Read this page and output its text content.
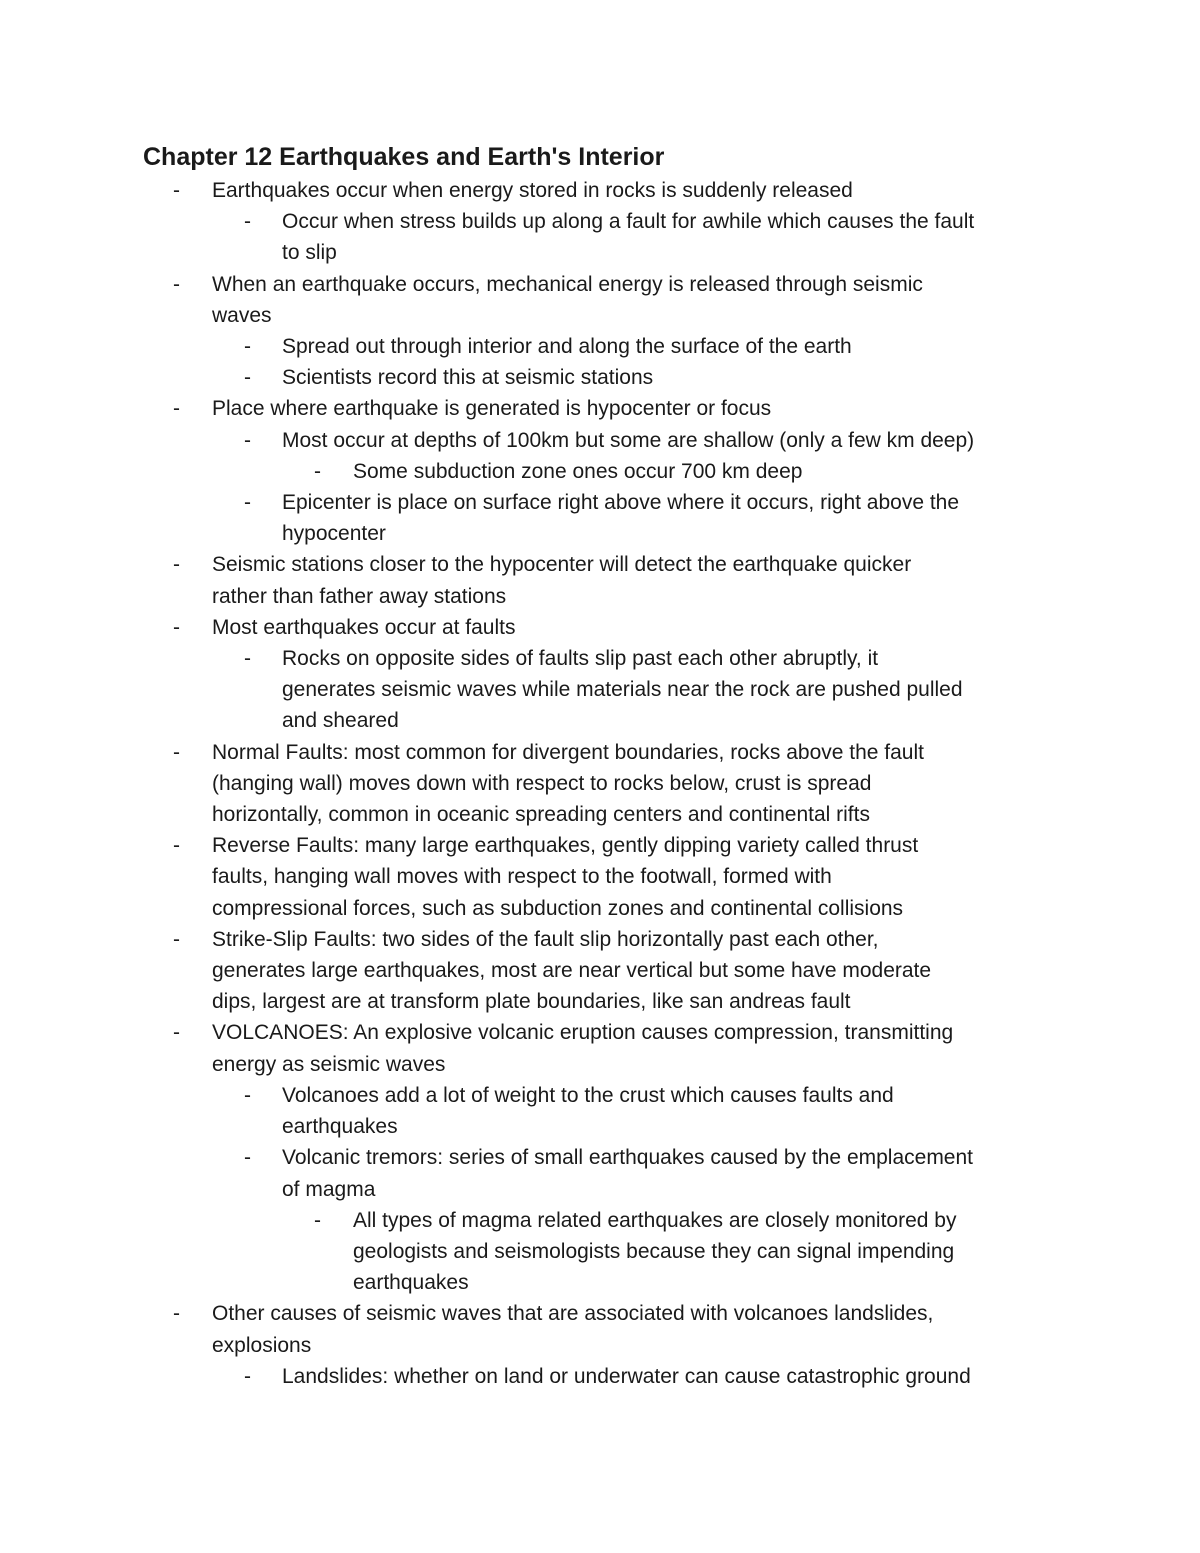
Chapter 12 Earthquakes and Earth's Interior
- Earthquakes occur when energy stored in rocks is suddenly released
- Occur when stress builds up along a fault for awhile which causes the fault
to slip
- When an earthquake occurs, mechanical energy is released through seismic
waves
- Spread out through interior and along the surface of the earth
- Scientists record this at seismic stations
- Place where earthquake is generated is hypocenter or focus
- Most occur at depths of 100km but some are shallow (only a few km deep)
- Some subduction zone ones occur 700 km deep
- Epicenter is place on surface right above where it occurs, right above the
hypocenter
- Seismic stations closer to the hypocenter will detect the earthquake quicker
rather than father away stations
- Most earthquakes occur at faults
- Rocks on opposite sides of faults slip past each other abruptly, it
generates seismic waves while materials near the rock are pushed pulled
and sheared
- Normal Faults: most common for divergent boundaries, rocks above the fault
(hanging wall) moves down with respect to rocks below, crust is spread
horizontally, common in oceanic spreading centers and continental rifts
- Reverse Faults: many large earthquakes, gently dipping variety called thrust
faults, hanging wall moves with respect to the footwall, formed with
compressional forces, such as subduction zones and continental collisions
- Strike-Slip Faults: two sides of the fault slip horizontally past each other,
generates large earthquakes, most are near vertical but some have moderate
dips, largest are at transform plate boundaries, like san andreas fault
- VOLCANOES: An explosive volcanic eruption causes compression, transmitting
energy as seismic waves
- Volcanoes add a lot of weight to the crust which causes faults and
earthquakes
- Volcanic tremors: series of small earthquakes caused by the emplacement
of magma
- All types of magma related earthquakes are closely monitored by
geologists and seismologists because they can signal impending
earthquakes
- Other causes of seismic waves that are associated with volcanoes landslides,
explosions
- Landslides: whether on land or underwater can cause catastrophic ground
